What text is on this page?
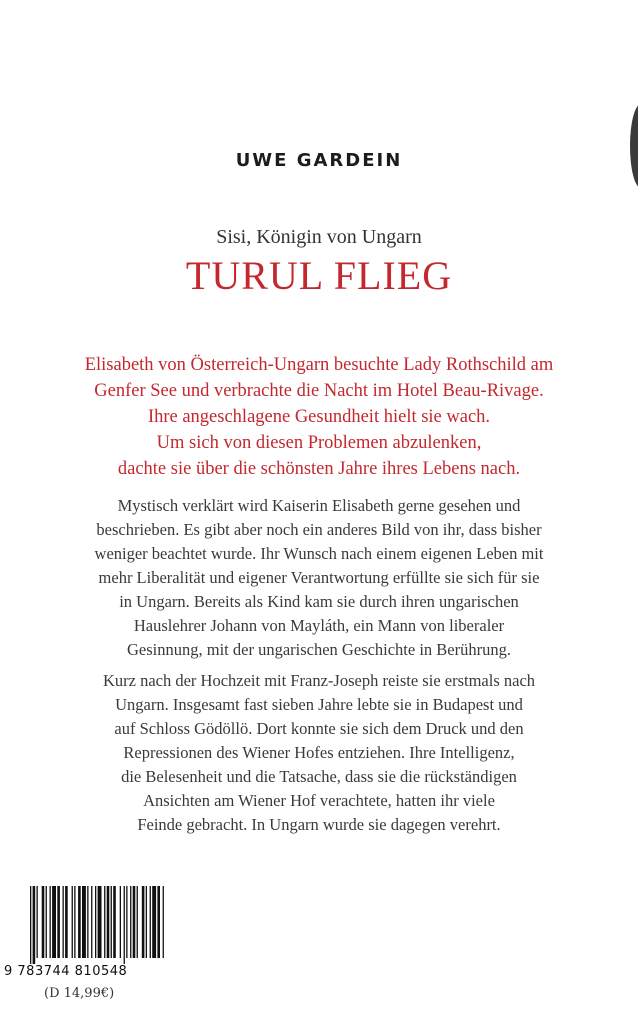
UWE GARDEIN
Sisi, Königin von Ungarn
TURUL FLIEG
Elisabeth von Österreich-Ungarn besuchte Lady Rothschild am
Genfer See und verbrachte die Nacht im Hotel Beau-Rivage.
Ihre angeschlagene Gesundheit hielt sie wach.
Um sich von diesen Problemen abzulenken,
dachte sie über die schönsten Jahre ihres Lebens nach.
Mystisch verklärt wird Kaiserin Elisabeth gerne gesehen und
beschrieben. Es gibt aber noch ein anderes Bild von ihr, dass bisher
weniger beachtet wurde. Ihr Wunsch nach einem eigenen Leben mit
mehr Liberalität und eigener Verantwortung erfüllte sie sich für sie
in Ungarn. Bereits als Kind kam sie durch ihren ungarischen
Hauslehrer Johann von Mayláth, ein Mann von liberaler
Gesinnung, mit der ungarischen Geschichte in Berührung.
Kurz nach der Hochzeit mit Franz-Joseph reiste sie erstmals nach
Ungarn. Insgesamt fast sieben Jahre lebte sie in Budapest und
auf Schloss Gödöllö. Dort konnte sie sich dem Druck und den
Repressionen des Wiener Hofes entziehen. Ihre Intelligenz,
die Belesenheit und die Tatsache, dass sie die rückständigen
Ansichten am Wiener Hof verachtete, hatten ihr viele
Feinde gebracht. In Ungarn wurde sie dagegen verehrt.
9 783744 810548
(D 14,99€)
